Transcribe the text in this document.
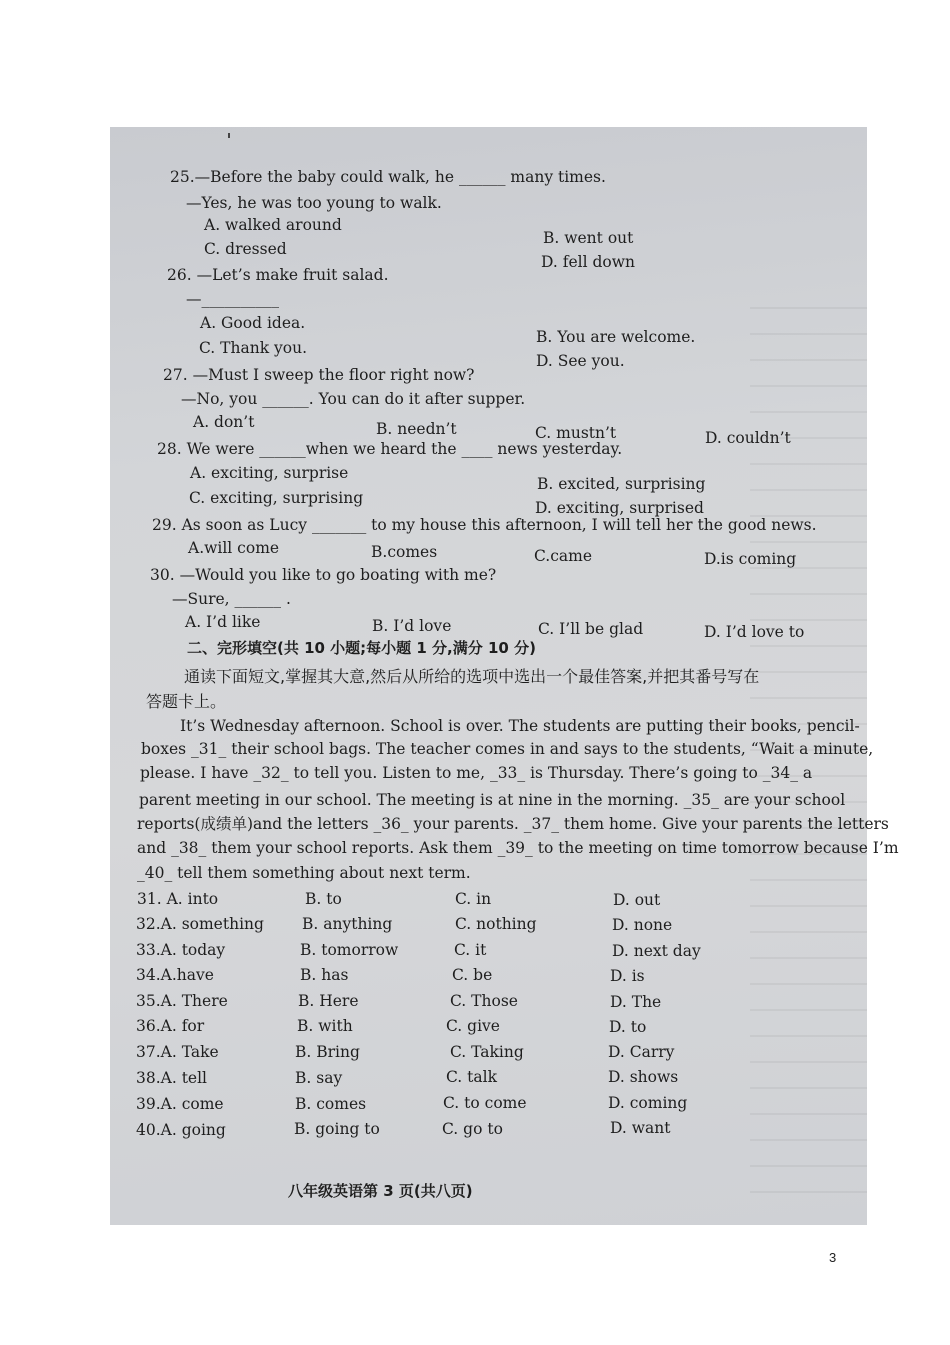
25.—Before the baby could walk, he ______ many times.
—Yes, he was too young to walk.
A. walked around
B. went out
C. dressed
D. fell down
26. —Let’s make fruit salad.
—__________
A. Good idea.
B. You are welcome.
C. Thank you.
D. See you.
27. —Must I sweep the floor right now?
—No, you ______. You can do it after supper.
A. don’t	B. needn’t	C. mustn’t	D. couldn’t
28. We were ______when we heard the ____ news yesterday.
A. exciting, surprise
B. excited, surprising
C. exciting, surprising
D. exciting, surprised
29. As soon as Lucy _______ to my house this afternoon, I will tell her the good news.
A.will come	B.comes	C.came	D.is coming
30. —Would you like to go boating with me?
—Sure, ______ .
A. I’d like	B. I’d love	C. I’ll be glad	D. I’d love to
二、完形填空(共 10 小题;每小题 1 分,满分 10 分)
通读下面短文,掌握其大意,然后从所给的选项中选出一个最佳答案,并把其番号写在
答题卡上。
It’s Wednesday afternoon. School is over. The students are putting their books, pencil-
boxes _31_ their school bags. The teacher comes in and says to the students, “Wait a minute,
please. I have _32_ to tell you. Listen to me, _33_ is Thursday. There’s going to _34_ a
parent meeting in our school. The meeting is at nine in the morning. _35_ are your school
reports(成绩单)and the letters _36_ your parents. _37_ them home. Give your parents the letters
and _38_ them your school reports. Ask them _39_ to the meeting on time tomorrow because I’m
_40_ tell them something about next term.
31. A. into	B. to	C. in	D. out
32.A. something B. anything	C. nothing	D. none
33.A. today	B. tomorrow	C. it	D. next day
34.A.have	B. has	C. be	D. is
35.A. There	B. Here	C. Those	D. The
36.A. for	B. with	C. give	D. to
37.A. Take	B. Bring	C. Taking	D. Carry
38.A. tell	B. say	C. talk	D. shows
39.A. come	B. comes	C. to come	D. coming
40.A. going	B. going to	C. go to	D. want
八年级英语第 3 页(共八页)
3
